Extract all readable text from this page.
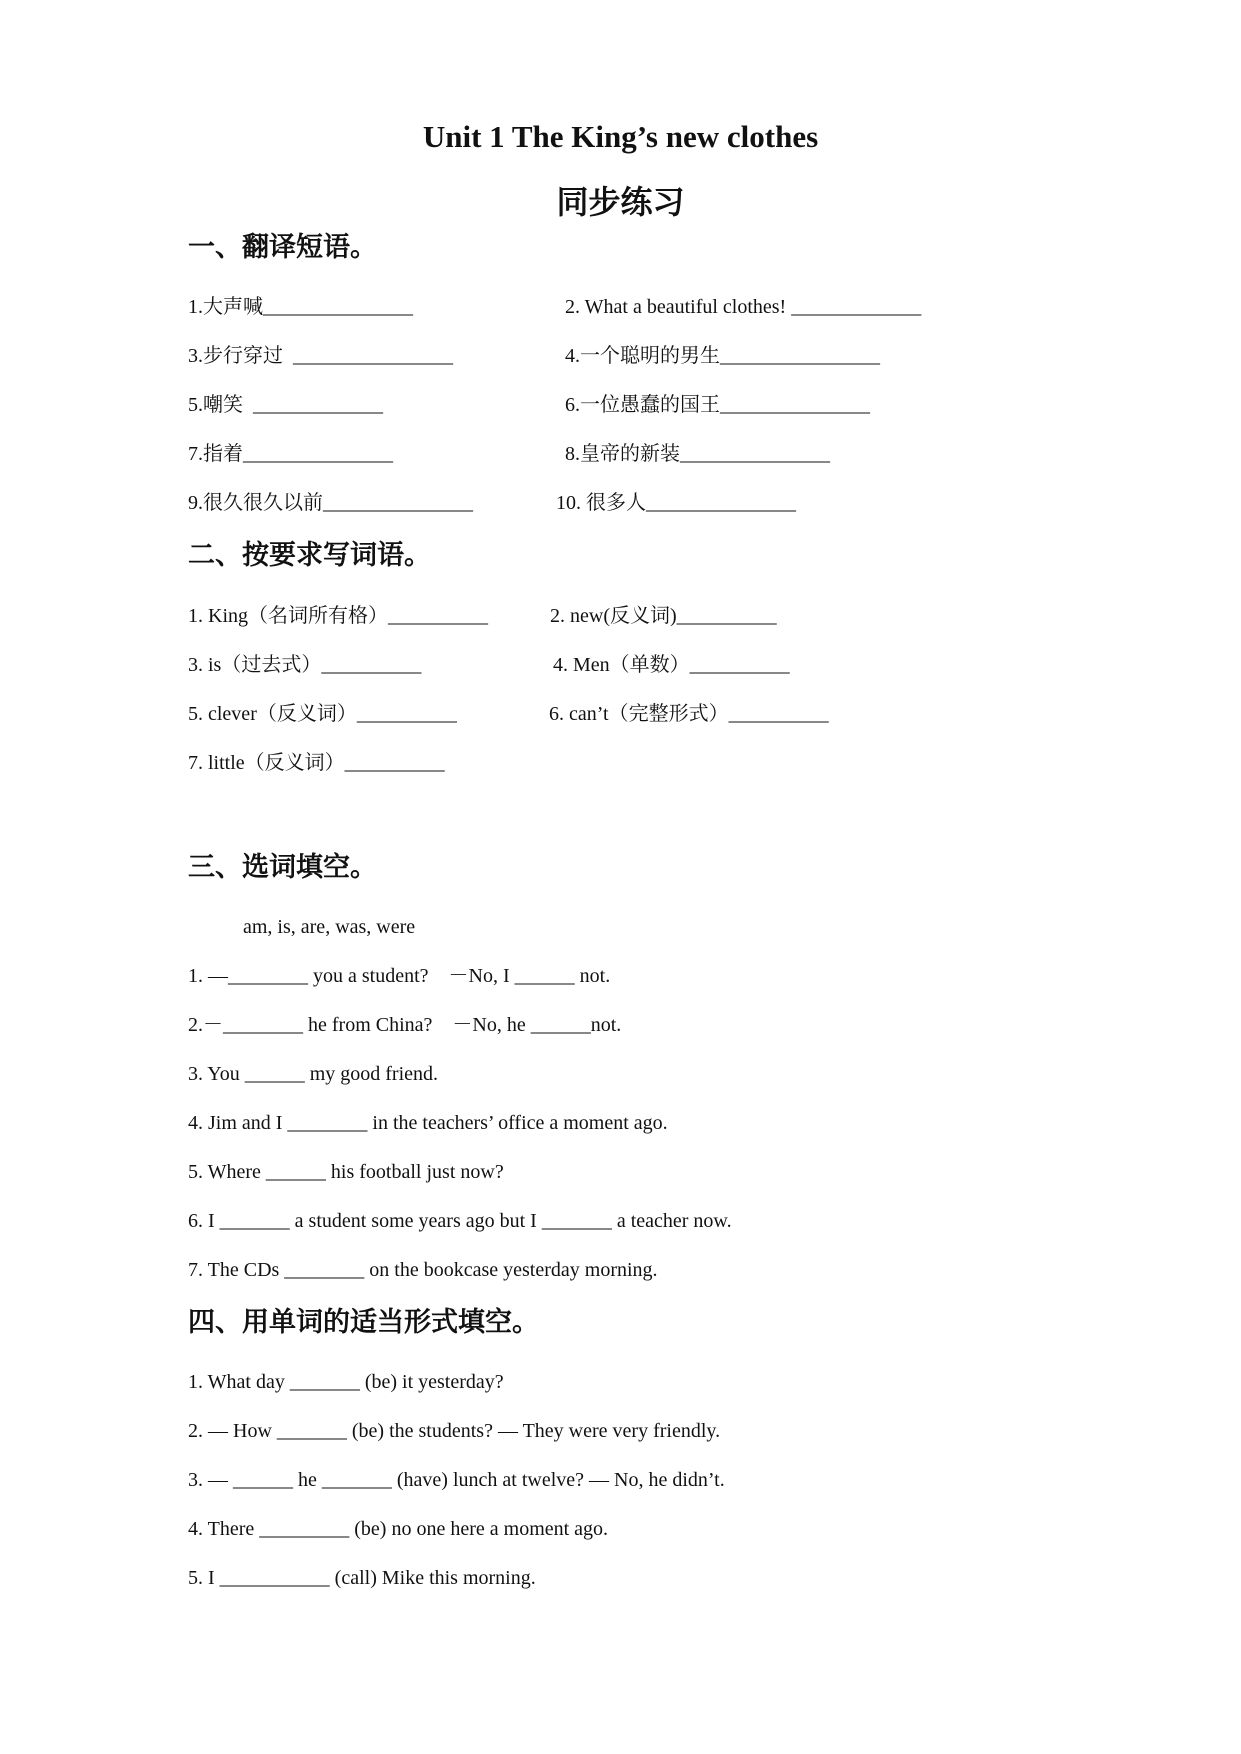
Unit 1 The King’s new clothes
同步练习
一、翻译短语。
1.大声喊_______________	2. What a beautiful clothes! _____________
3.步行穿过  ________________	4.一个聪明的男生________________
5.嘲笑  _____________	6.一位愚蠢的国王_______________
7.指着_______________	8.皇帝的新装_______________
9.很久很久以前_______________	10. 很多人_______________
二、按要求写词语。
1. King（名词所有格）__________	2. new(反义词)__________
3. is（过去式）__________	4. Men（单数）__________
5. clever（反义词）__________	6. can’t（完整形式）__________
7. little（反义词）__________
三、选词填空。
am, is, are, was, were
1. —________ you a student?    －No, I ______ not.
2.－________ he from China?    －No, he ______not.
3. You ______ my good friend.
4. Jim and I ________ in the teachers’ office a moment ago.
5. Where ______ his football just now?
6. I _______ a student some years ago but I _______ a teacher now.
7. The CDs ________ on the bookcase yesterday morning.
四、用单词的适当形式填空。
1. What day _______ (be) it yesterday?
2. — How _______ (be) the students? — They were very friendly.
3. — ______ he _______ (have) lunch at twelve? — No, he didn’t.
4. There _________ (be) no one here a moment ago.
5. I ___________ (call) Mike this morning.
